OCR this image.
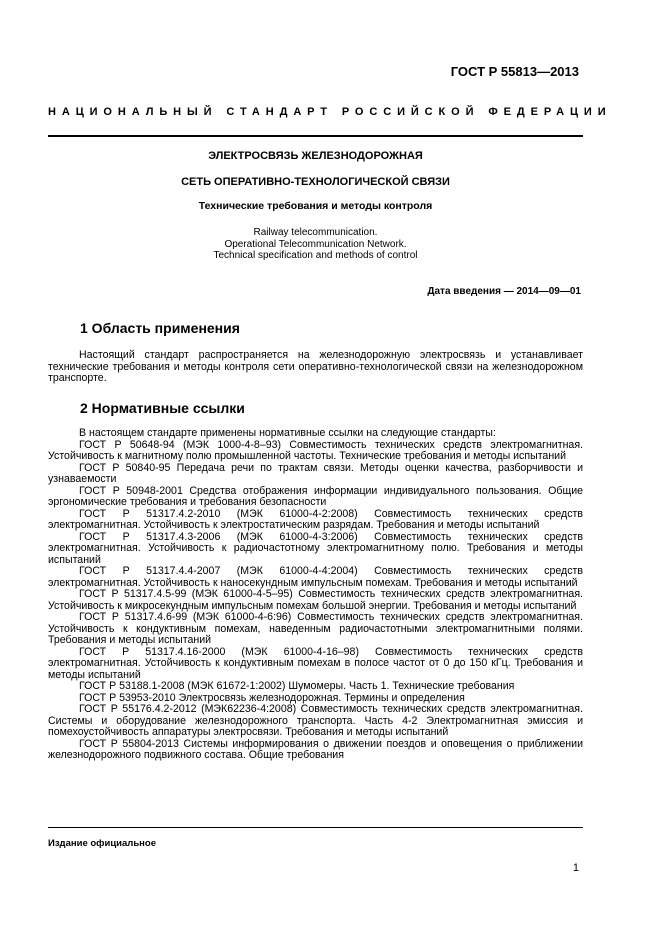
ГОСТ Р 55813—2013
НАЦИОНАЛЬНЫЙ СТАНДАРТ РОССИЙСКОЙ ФЕДЕРАЦИИ
ЭЛЕКТРОСВЯЗЬ ЖЕЛЕЗНОДОРОЖНАЯ
СЕТЬ ОПЕРАТИВНО-ТЕХНОЛОГИЧЕСКОЙ СВЯЗИ
Технические требования и методы контроля
Railway telecommunication.
Operational Telecommunication Network.
Technical specification and methods of control
Дата введения — 2014—09—01
1 Область применения
Настоящий стандарт распространяется на железнодорожную электросвязь и устанавливает технические требования и методы контроля сети оперативно-технологической связи на железнодорожном транспорте.
2 Нормативные ссылки

В настоящем стандарте применены нормативные ссылки на следующие стандарты:

ГОСТ Р 50648-94 (МЭК 1000-4-8–93) Совместимость технических средств электромагнитная. Устойчивость к магнитному полю промышленной частоты. Технические требования и методы испытаний

ГОСТ Р 50840-95 Передача речи по трактам связи. Методы оценки качества, разборчивости и узнаваемости

ГОСТ Р 50948-2001 Средства отображения информации индивидуального пользования. Общие эргономические требования и требования безопасности

ГОСТ Р 51317.4.2-2010 (МЭК 61000-4-2:2008) Совместимость технических средств электромагнитная. Устойчивость к электростатическим разрядам. Требования и методы испытаний

ГОСТ Р 51317.4.3-2006 (МЭК 61000-4-3:2006) Совместимость технических средств электромагнитная. Устойчивость к радиочастотному электромагнитному полю. Требования и методы испытаний

ГОСТ Р 51317.4.4-2007 (МЭК 61000-4-4:2004) Совместимость технических средств электромагнитная. Устойчивость к наносекундным импульсным помехам. Требования и методы испытаний

ГОСТ Р 51317.4.5-99 (МЭК 61000-4-5–95) Совместимость технических средств электромагнитная. Устойчивость к микросекундным импульсным помехам большой энергии. Требования и методы испытаний

ГОСТ Р 51317.4.6-99 (МЭК 61000-4-6:96) Совместимость технических средств электромагнитная. Устойчивость к кондуктивным помехам, наведенным радиочастотными электромагнитными полями. Требования и методы испытаний

ГОСТ Р 51317.4.16-2000 (МЭК 61000-4-16–98) Совместимость технических средств электромагнитная. Устойчивость к кондуктивным помехам в полосе частот от 0 до 150 кГц. Требования и методы испытаний

ГОСТ Р 53188.1-2008 (МЭК 61672-1:2002) Шумомеры. Часть 1. Технические требования

ГОСТ Р 53953-2010 Электросвязь железнодорожная. Термины и определения

ГОСТ Р 55176.4.2-2012 (МЭК62236-4:2008) Совместимость технических средств электромагнитная. Системы и оборудование железнодорожного транспорта. Часть 4-2 Электромагнитная эмиссия и помехоустойчивость аппаратуры электросвязи. Требования и методы испытаний

ГОСТ Р 55804-2013 Системы информирования о движении поездов и оповещения о приближении железнодорожного подвижного состава. Общие требования

Издание официальное
1
